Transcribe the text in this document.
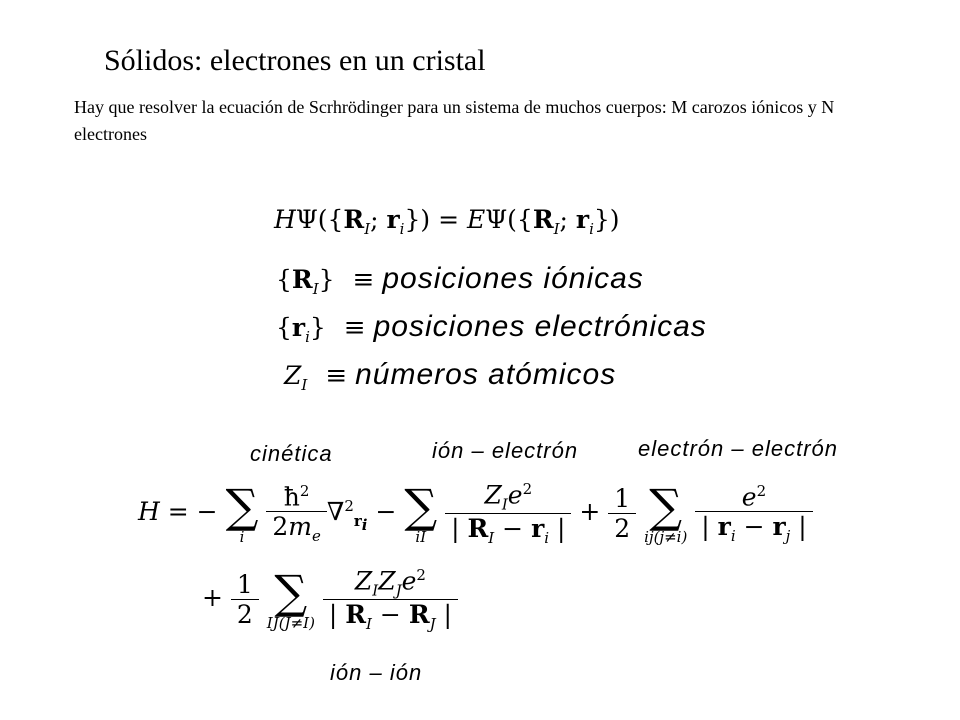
Sólidos: electrones en un cristal
Hay que resolver la ecuación de Scrhrödinger para un sistema de muchos cuerpos: M carozos iónicos y N electrones
$H\Psi(\{R_I$; $r_i\}) = E\Psi(\{R_I$; $r_i$})
$\{R_I\}$ ≡ posiciones iónicas
$\{r_i\}$ ≡ posiciones electrónicas
$Z_I$ ≡ números atómicos
cinética	ión – electrón	electrón – electrón
ión – ión
H = − ∑
i
$\frac{ħ^2}{2m_e} \nabla^2_{r_i}$ − ∑
iI
$\frac{Z_Ie^2}{| R_I - r_i |} + \frac{1}{2}$
∑
ij(j≠i)
$\frac{e^2}{| r_i - r_j |}$
+ $\frac{1}{2}$
∑
IJ(J≠I)
$\frac{Z_IZ_Je^2}{| R_I - R_J |}$
